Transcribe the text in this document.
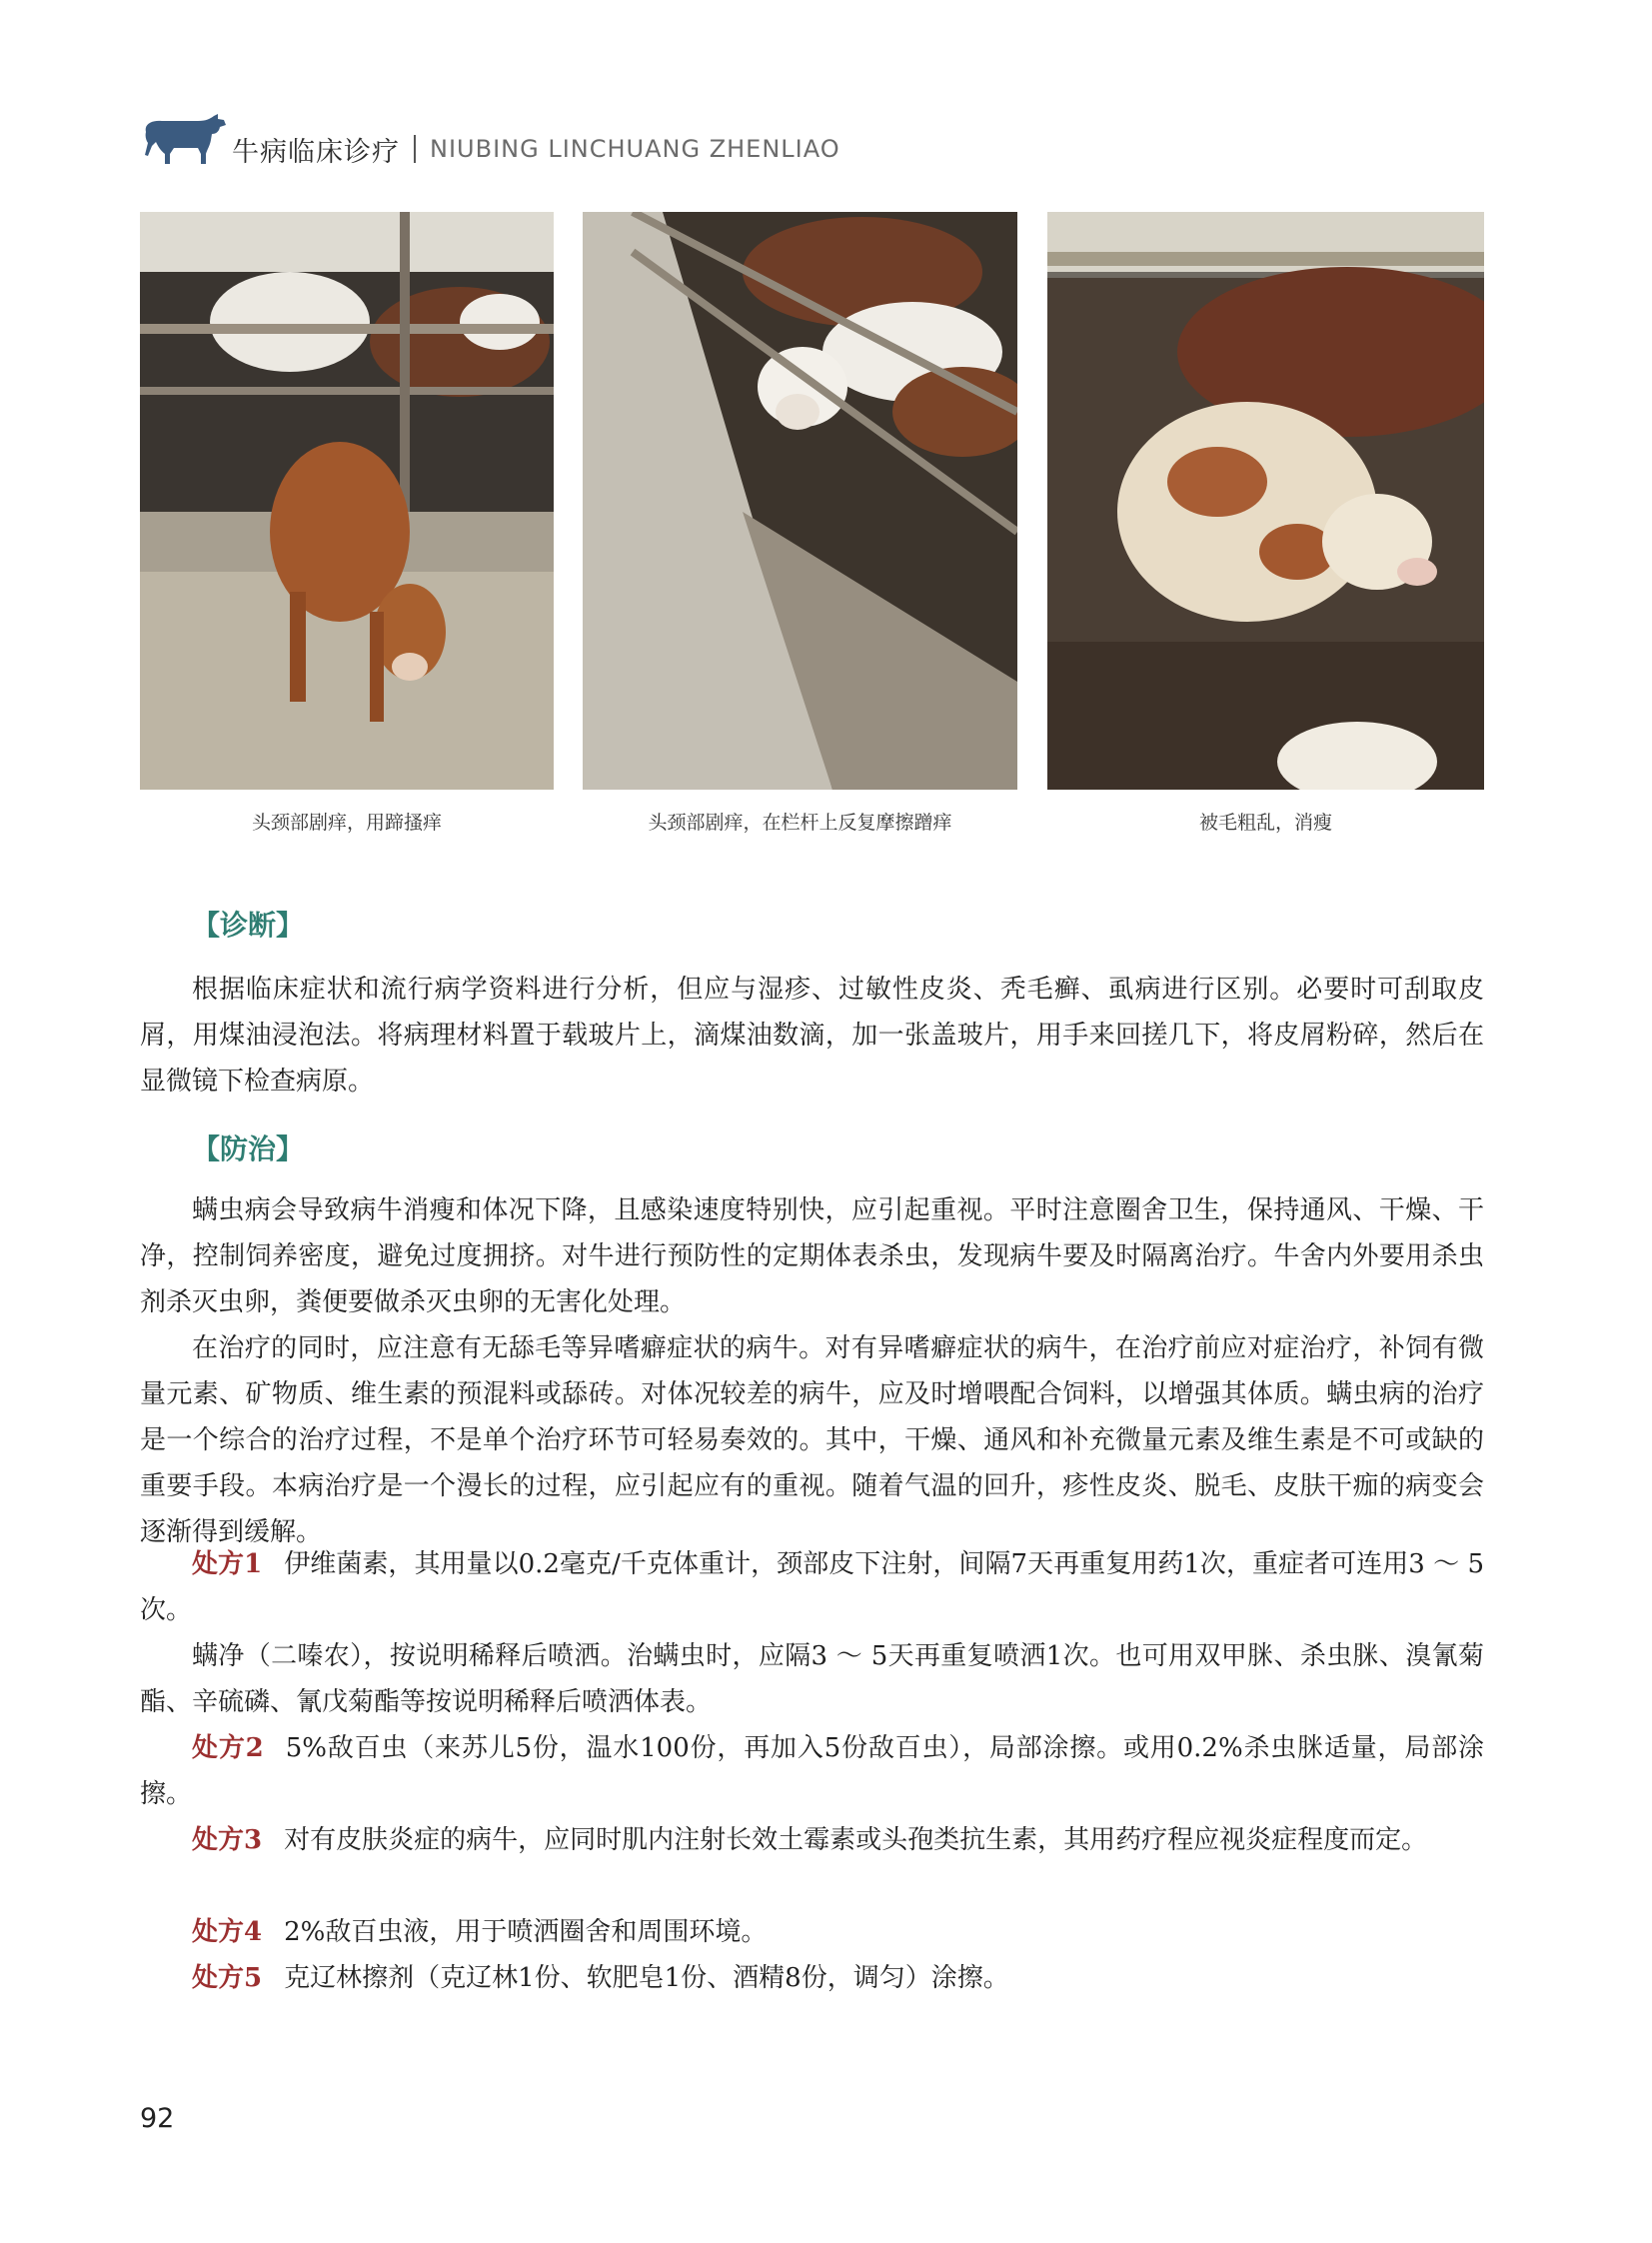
牛病临床诊疗 NIUBING LINCHUANG ZHENLIAO
头颈部剧痒，用蹄搔痒	头颈部剧痒，在栏杆上反复摩擦蹭痒	被毛粗乱，消瘦
【诊断】

根据临床症状和流行病学资料进行分析，但应与湿疹、过敏性皮炎、秃毛癣、虱病进行区别。必要时可刮取皮屑，用煤油浸泡法。将病理材料置于载玻片上，滴煤油数滴，加一张盖玻片，用手来回搓几下，将皮屑粉碎，然后在显微镜下检查病原。

【防治】

螨虫病会导致病牛消瘦和体况下降，且感染速度特别快，应引起重视。平时注意圈舍卫生，保持通风、干燥、干净，控制饲养密度，避免过度拥挤。对牛进行预防性的定期体表杀虫，发现病牛要及时隔离治疗。牛舍内外要用杀虫剂杀灭虫卵，粪便要做杀灭虫卵的无害化处理。

在治疗的同时，应注意有无舔毛等异嗜癖症状的病牛。对有异嗜癖症状的病牛，在治疗前应对症治疗，补饲有微量元素、矿物质、维生素的预混料或舔砖。对体况较差的病牛，应及时增喂配合饲料，以增强其体质。螨虫病的治疗是一个综合的治疗过程，不是单个治疗环节可轻易奏效的。其中，干燥、通风和补充微量元素及维生素是不可或缺的重要手段。本病治疗是一个漫长的过程，应引起应有的重视。随着气温的回升，疹性皮炎、脱毛、皮肤干痂的病变会逐渐得到缓解。

处方1 伊维菌素，其用量以0.2毫克/千克体重计，颈部皮下注射，间隔7天再重复用药1次，重症者可连用3 ～ 5次。

螨净（二嗪农），按说明稀释后喷洒。治螨虫时，应隔3 ～ 5天再重复喷洒1次。也可用双甲脒、杀虫脒、溴氰菊酯、辛硫磷、氰戊菊酯等按说明稀释后喷洒体表。

处方2 5%敌百虫（来苏儿5份，温水100份，再加入5份敌百虫），局部涂擦。或用0.2%杀虫脒适量，局部涂擦。

处方3 对有皮肤炎症的病牛，应同时肌内注射长效土霉素或头孢类抗生素，其用药疗程应视炎症程度而定。

处方4 2%敌百虫液，用于喷洒圈舍和周围环境。

处方5 克辽林擦剂（克辽林1份、软肥皂1份、酒精8份，调匀）涂擦。

92
